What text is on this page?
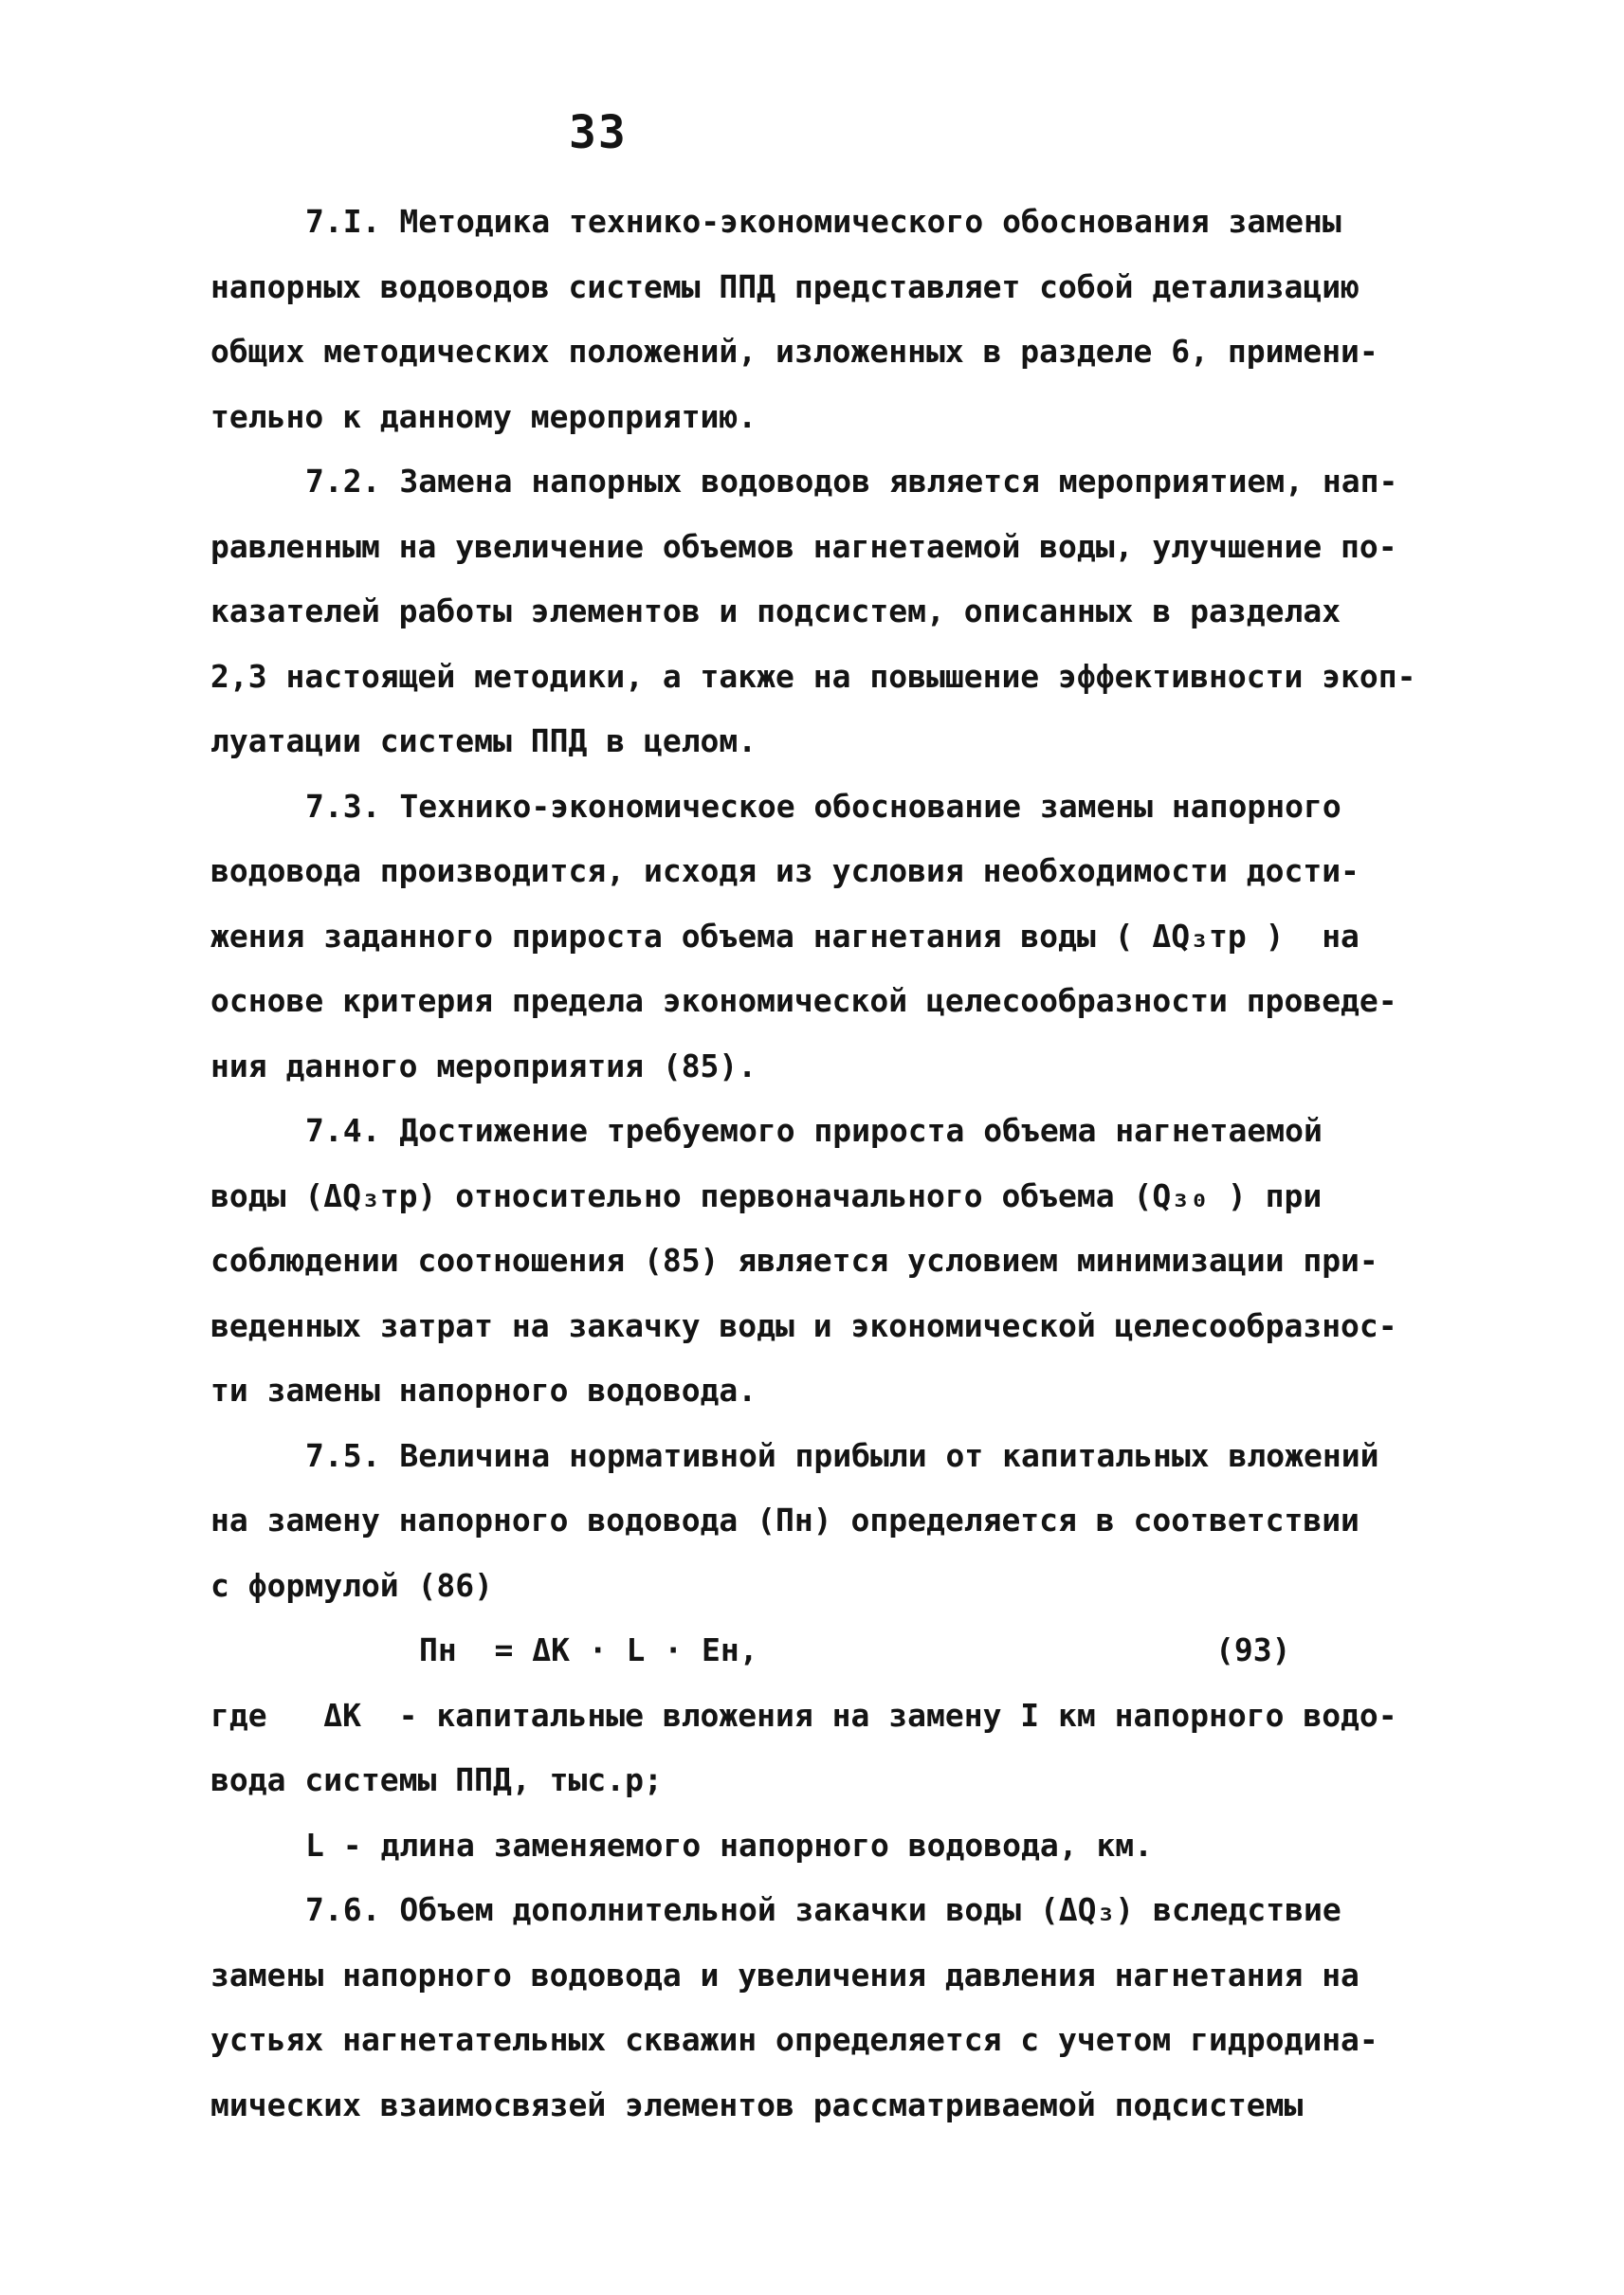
33
7.I. Методика технико-экономического обоснования замены
напорных водоводов системы ППД представляет собой детализацию
общих методических положений, изложенных в разделе 6, примени-
тельно к данному мероприятию.
7.2. Замена напорных водоводов является мероприятием, нап-
равленным на увеличение объемов нагнетаемой воды, улучшение по-
казателей работы элементов и подсистем, описанных в разделах
2,3 настоящей методики, а также на повышение эффективности экоп-
луатации системы ППД в целом.
7.3. Технико-экономическое обоснование замены напорного
водовода производится, исходя из условия необходимости дости-
жения заданного прироста объема нагнетания воды ( ΔQ₃тр )  на
основе критерия предела экономической целесообразности проведе-
ния данного мероприятия (85).
7.4. Достижение требуемого прироста объема нагнетаемой
воды (ΔQ₃тр) относительно первоначального объема (Q₃₀ ) при
соблюдении соотношения (85) является условием минимизации при-
веденных затрат на закачку воды и экономической целесообразнос-
ти замены напорного водовода.
7.5. Величина нормативной прибыли от капитальных вложений
на замену напорного водовода (Пн) определяется в соответствии
с формулой (86)

Пн  = ΔK · L · Eн,

	(93)

где   ΔK  - капитальные вложения на замену I км напорного водо-
вода системы ППД, тыс.р;
L - длина заменяемого напорного водовода, км.
7.6. Объем дополнительной закачки воды (ΔQ₃) вследствие
замены напорного водовода и увеличения давления нагнетания на
устьях нагнетательных скважин определяется с учетом гидродина-
мических взаимосвязей элементов рассматриваемой подсистемы
